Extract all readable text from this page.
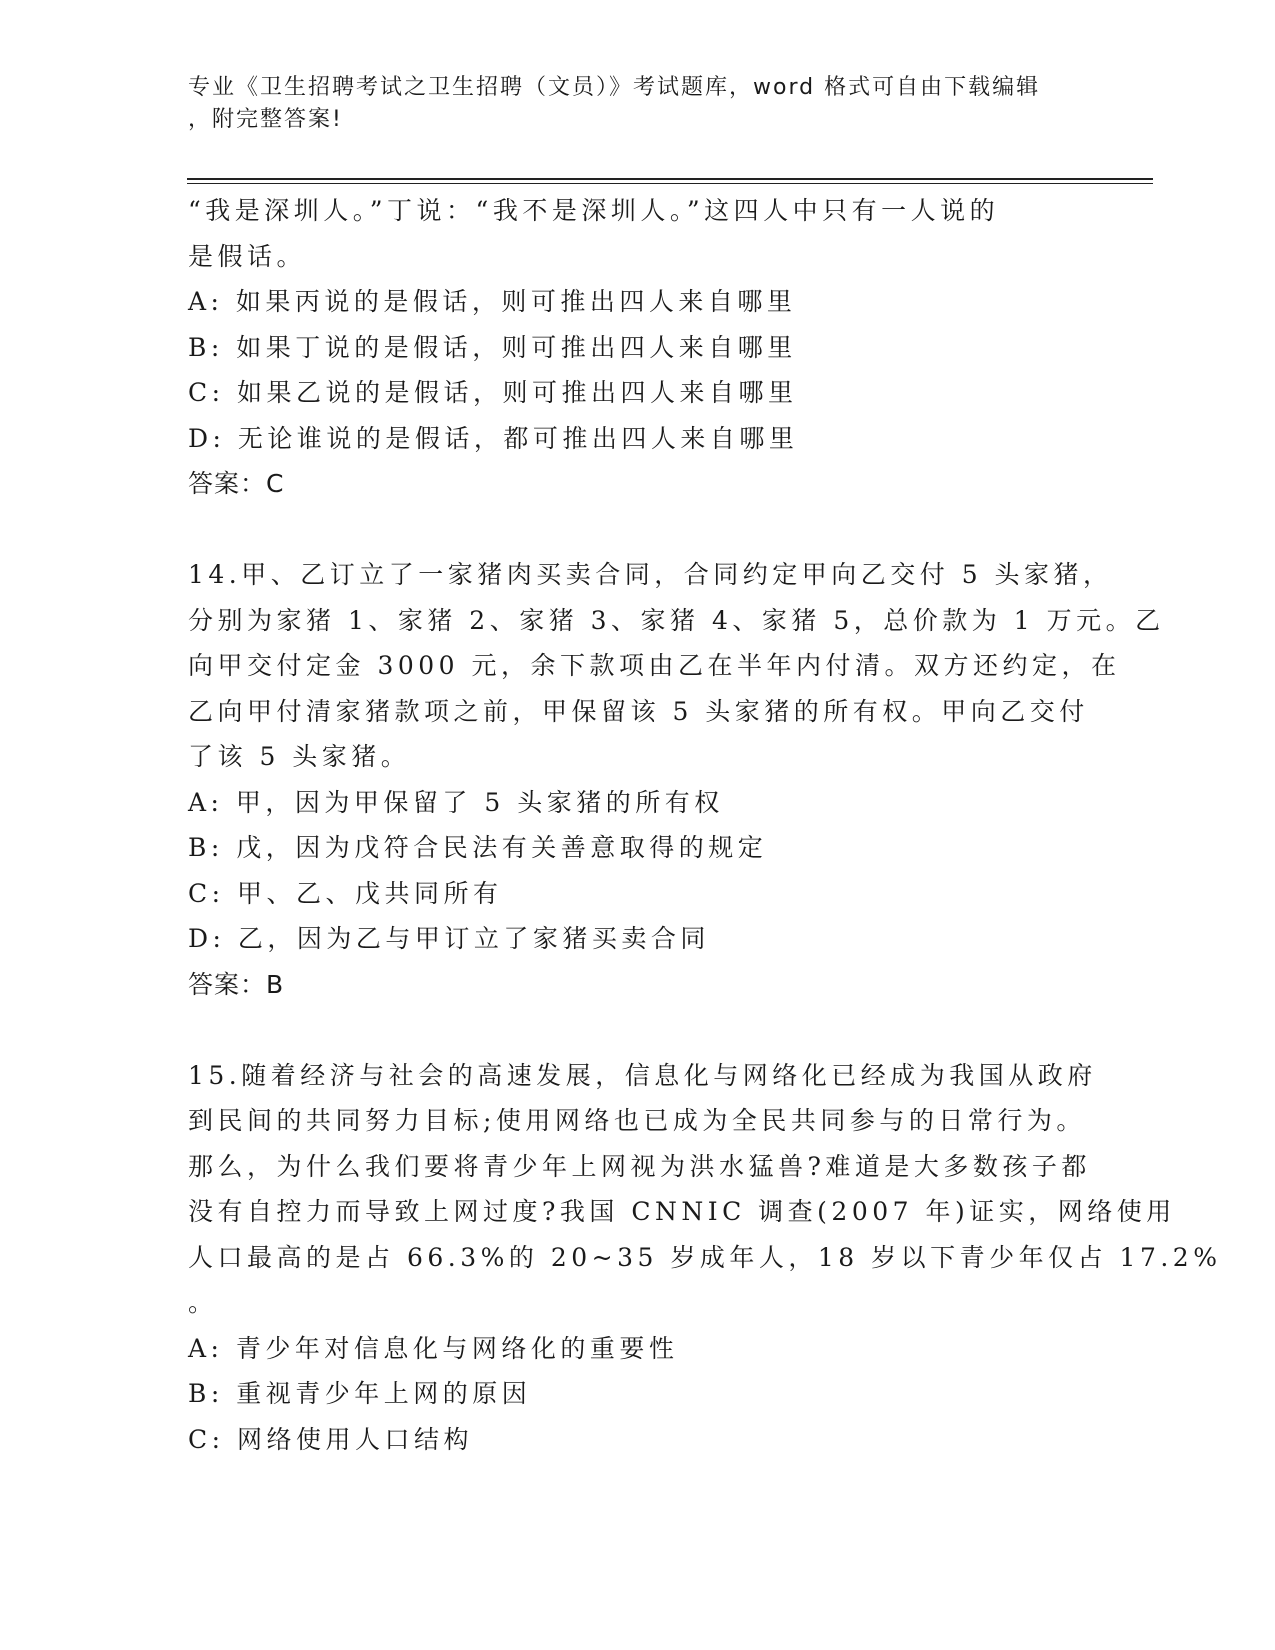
专业《卫生招聘考试之卫生招聘（文员）》考试题库，word 格式可自由下载编辑
，附完整答案!
“我是深圳人。”丁说：“我不是深圳人。”这四人中只有一人说的
是假话。
A: 如果丙说的是假话，则可推出四人来自哪里
B: 如果丁说的是假话，则可推出四人来自哪里
C: 如果乙说的是假话，则可推出四人来自哪里
D: 无论谁说的是假话，都可推出四人来自哪里
答案：C
14.甲、乙订立了一家猪肉买卖合同，合同约定甲向乙交付 5 头家猪，
分别为家猪 1、家猪 2、家猪 3、家猪 4、家猪 5，总价款为 1 万元。乙
向甲交付定金 3000 元，余下款项由乙在半年内付清。双方还约定，在
乙向甲付清家猪款项之前，甲保留该 5 头家猪的所有权。甲向乙交付
了该 5 头家猪。
A: 甲，因为甲保留了 5 头家猪的所有权
B: 戊，因为戊符合民法有关善意取得的规定
C: 甲、乙、戊共同所有
D: 乙，因为乙与甲订立了家猪买卖合同
答案：B
15.随着经济与社会的高速发展，信息化与网络化已经成为我国从政府
到民间的共同努力目标;使用网络也已成为全民共同参与的日常行为。
那么，为什么我们要将青少年上网视为洪水猛兽?难道是大多数孩子都
没有自控力而导致上网过度?我国 CNNIC 调查(2007 年)证实，网络使用
人口最高的是占 66.3%的 20~35 岁成年人，18 岁以下青少年仅占 17.2%
。
A: 青少年对信息化与网络化的重要性
B: 重视青少年上网的原因
C: 网络使用人口结构
